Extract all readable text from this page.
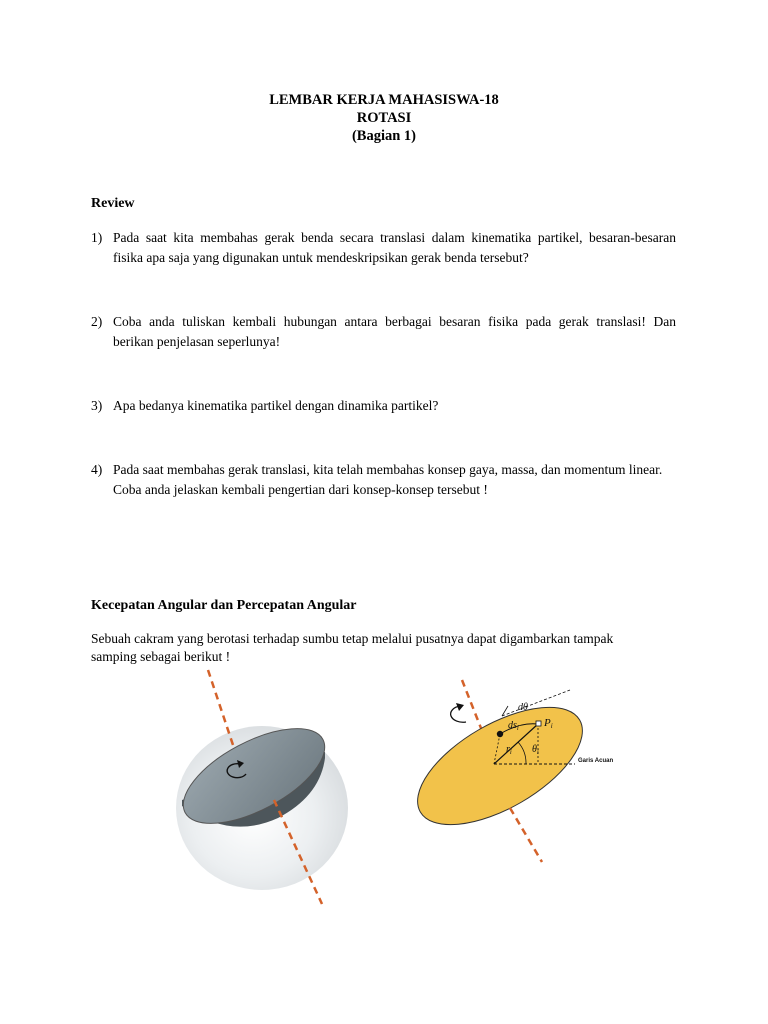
LEMBAR KERJA MAHASISWA-18
ROTASI
(Bagian 1)
Review
1) Pada saat kita membahas gerak benda secara translasi dalam kinematika partikel, besaran-besaran
fisika apa saja yang digunakan untuk mendeskripsikan gerak benda tersebut?
2) Coba anda tuliskan kembali hubungan antara berbagai besaran fisika pada gerak translasi! Dan
berikan penjelasan seperlunya!
3) Apa bedanya kinematika partikel dengan dinamika partikel?
4) Pada saat membahas gerak translasi, kita telah membahas konsep gaya, massa, dan momentum linear.
Coba anda jelaskan kembali pengertian dari konsep-konsep tersebut !
Kecepatan Angular dan Percepatan Angular
Sebuah cakram yang berotasi terhadap sumbu tetap melalui pusatnya dapat digambarkan tampak
samping sebagai berikut !
dθ
$ds_i$ Pi
$r_i$ $\theta_i$
Garis Acuan
